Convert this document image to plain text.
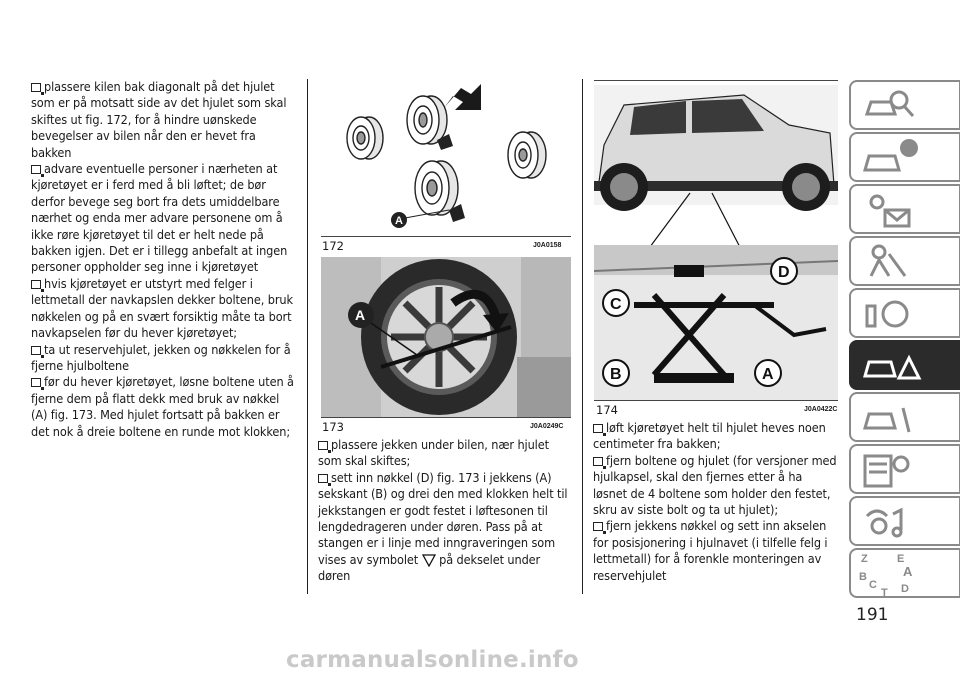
plassere kilen bak diagonalt på det hjulet som er på motsatt side av det hjulet som skal skiftes ut fig. 172, for å hindre uønskede bevegelser av bilen når den er hevet fra bakken

advare eventuelle personer i nærheten at kjøretøyet er i ferd med å bli løftet; de bør derfor bevege seg bort fra dets umiddelbare nærhet og enda mer advare personene om å ikke røre kjøretøyet til det er helt nede på bakken igjen. Det er i tillegg anbefalt at ingen personer oppholder seg inne i kjøretøyet

hvis kjøretøyet er utstyrt med felger i lettmetall der navkapslen dekker boltene, bruk nøkkelen og på en svært forsiktig måte ta bort navkapselen før du hever kjøretøyet;

ta ut reservehjulet, jekken og nøkkelen for å fjerne hjulboltene

før du hever kjøretøyet, løsne boltene uten å fjerne dem på flatt dekk med bruk av nøkkel (A) fig. 173. Med hjulet fortsatt på bakken er det nok å dreie boltene en runde mot klokken;

A
172	J0A0158
A
173	J0A0249C

plassere jekken under bilen, nær hjulet som skal skiftes;

sett inn nøkkel (D) fig. 173 i jekkens (A) sekskant (B) og drei den med klokken helt til jekkstangen er godt festet i løftesonen til lengdedrageren under døren. Pass på at stangen er i linje med inngraveringen som vises av symbolet på dekselet under døren

C
D
B	A
174	J0A0422C

løft kjøretøyet helt til hjulet heves noen centimeter fra bakken;

fjern boltene og hjulet (for versjoner med hjulkapsel, skal den fjernes etter å ha løsnet de 4 boltene som holder den festet, skru av siste bolt og ta ut hjulet);

fjern jekkens nøkkel og sett inn akselen for posisjonering i hjulnavet (i tilfelle felg i lettmetall) for å forenkle monteringen av reservehjulet

Z	E
B	A
C D
T
191
carmanualsonline.info
